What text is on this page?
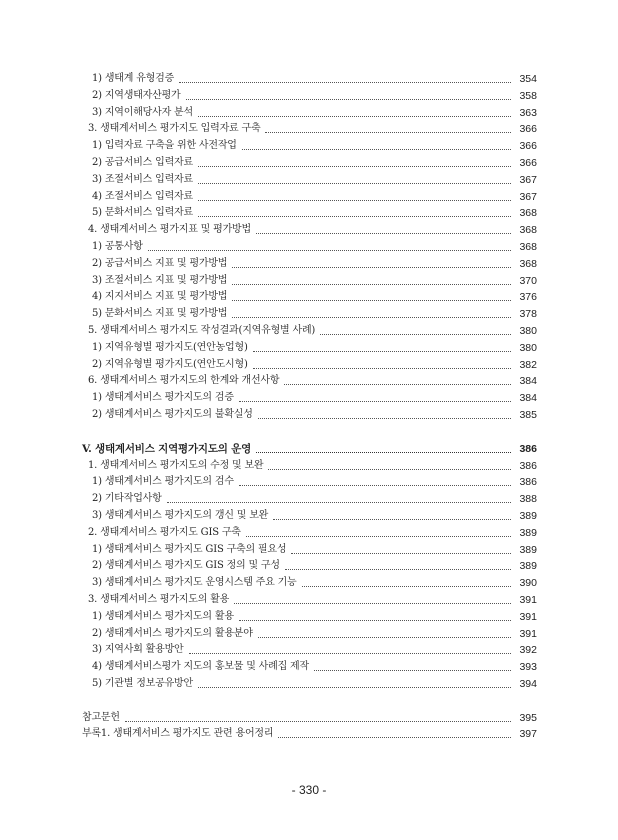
1) 생태계 유형검증	354
2) 지역생태자산평가	358
3) 지역이해당사자 분석	363
3. 생태계서비스 평가지도 입력자료 구축	366
1) 입력자료 구축을 위한 사전작업	366
2) 공급서비스 입력자료	366
3) 조절서비스 입력자료	367
4) 조절서비스 입력자료	367
5) 문화서비스 입력자료	368
4. 생태계서비스 평가지표 및 평가방법	368
1) 공통사항	368
2) 공급서비스 지표 및 평가방법	368
3) 조절서비스 지표 및 평가방법	370
4) 지지서비스 지표 및 평가방법	376
5) 문화서비스 지표 및 평가방법	378
5. 생태계서비스 평가지도 작성결과(지역유형별 사례)	380
1) 지역유형별 평가지도(연안농업형)	380
2) 지역유형별 평가지도(연안도시형)	382
6. 생태계서비스 평가지도의 한계와 개선사항	384
1) 생태계서비스 평가지도의 검증	384
2) 생태계서비스 평가지도의 불확실성	385
V. 생태계서비스 지역평가지도의 운영	386
1. 생태계서비스 평가지도의 수정 및 보완	386
1) 생태계서비스 평가지도의 검수	386
2) 기타작업사항	388
3) 생태계서비스 평가지도의 갱신 및 보완	389
2. 생태계서비스 평가지도 GIS 구축	389
1) 생태계서비스 평가지도 GIS 구축의 필요성	389
2) 생태계서비스 평가지도 GIS 정의 및 구성	389
3) 생태계서비스 평가지도 운영시스템 주요 기능	390
3. 생태계서비스 평가지도의 활용	391
1) 생태계서비스 평가지도의 활용	391
2) 생태계서비스 평가지도의 활용분야	391
3) 지역사회 활용방안	392
4) 생태계서비스평가 지도의 홍보물 및 사례집 제작	393
5) 기관별 정보공유방안	394
참고문헌	395
부록1. 생태계서비스 평가지도 관련 용어정리	397
- 330 -
